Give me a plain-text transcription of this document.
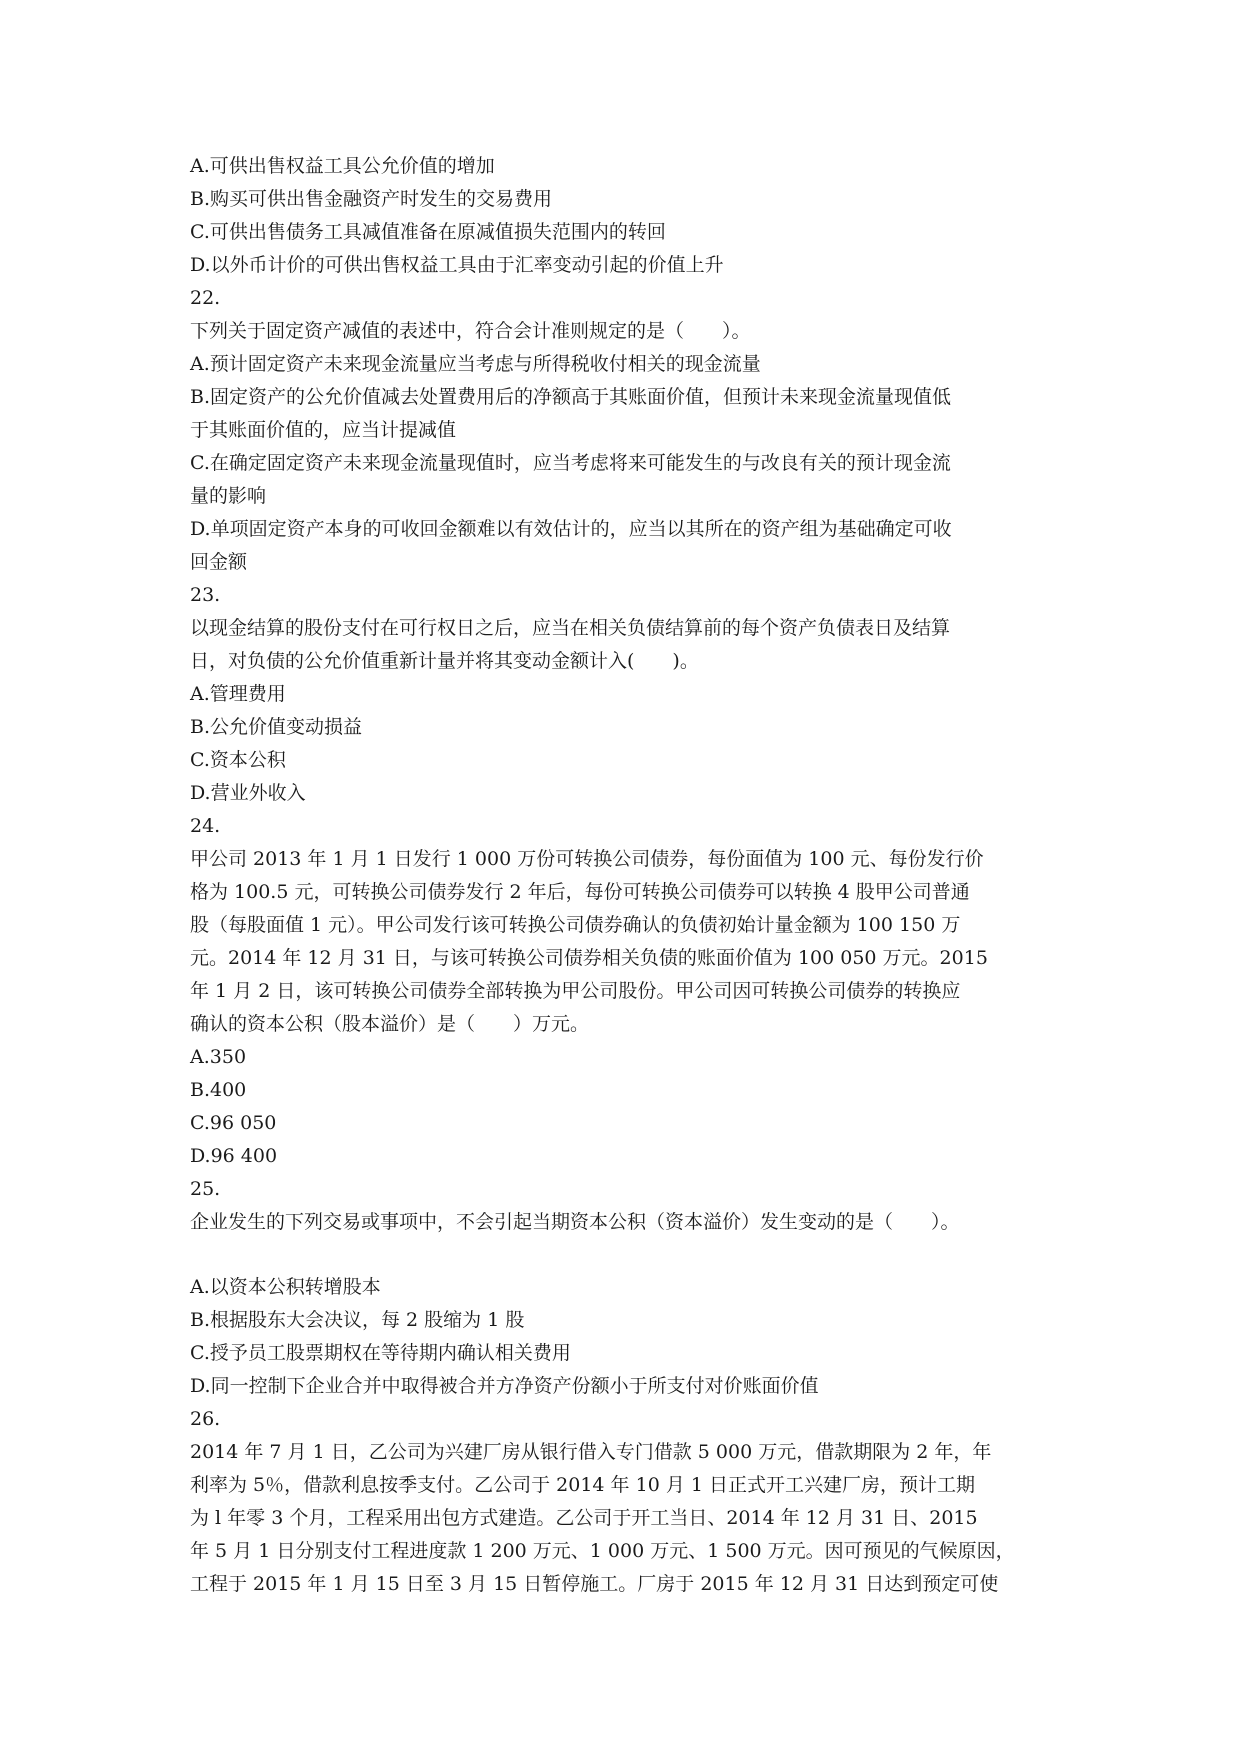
A.可供出售权益工具公允价值的增加
B.购买可供出售金融资产时发生的交易费用
C.可供出售债务工具减值准备在原减值损失范围内的转回
D.以外币计价的可供出售权益工具由于汇率变动引起的价值上升
22.
下列关于固定资产减值的表述中，符合会计准则规定的是（　　）。
A.预计固定资产未来现金流量应当考虑与所得税收付相关的现金流量
B.固定资产的公允价值减去处置费用后的净额高于其账面价值，但预计未来现金流量现值低
于其账面价值的，应当计提减值
C.在确定固定资产未来现金流量现值时，应当考虑将来可能发生的与改良有关的预计现金流
量的影响
D.单项固定资产本身的可收回金额难以有效估计的，应当以其所在的资产组为基础确定可收
回金额
23.
以现金结算的股份支付在可行权日之后，应当在相关负债结算前的每个资产负债表日及结算
日，对负债的公允价值重新计量并将其变动金额计入(　　)。
A.管理费用
B.公允价值变动损益
C.资本公积
D.营业外收入
24.
甲公司 2013 年 1 月 1 日发行 1 000 万份可转换公司债券，每份面值为 100 元、每份发行价
格为 100.5 元，可转换公司债券发行 2 年后，每份可转换公司债券可以转换 4 股甲公司普通
股（每股面值 1 元）。甲公司发行该可转换公司债券确认的负债初始计量金额为 100 150 万
元。2014 年 12 月 31 日，与该可转换公司债券相关负债的账面价值为 100 050 万元。2015
年 1 月 2 日，该可转换公司债券全部转换为甲公司股份。甲公司因可转换公司债券的转换应
确认的资本公积（股本溢价）是（　　）万元。
A.350
B.400
C.96 050
D.96 400
25.
企业发生的下列交易或事项中，不会引起当期资本公积（资本溢价）发生变动的是（　　）。
A.以资本公积转增股本
B.根据股东大会决议，每 2 股缩为 1 股
C.授予员工股票期权在等待期内确认相关费用
D.同一控制下企业合并中取得被合并方净资产份额小于所支付对价账面价值
26.
2014 年 7 月 1 日，乙公司为兴建厂房从银行借入专门借款 5 000 万元，借款期限为 2 年，年
利率为 5％，借款利息按季支付。乙公司于 2014 年 10 月 1 日正式开工兴建厂房，预计工期
为 l 年零 3 个月，工程采用出包方式建造。乙公司于开工当日、2014 年 12 月 31 日、2015
年 5 月 1 日分别支付工程进度款 1 200 万元、1 000 万元、1 500 万元。因可预见的气候原因，
工程于 2015 年 1 月 15 日至 3 月 15 日暂停施工。厂房于 2015 年 12 月 31 日达到预定可使
